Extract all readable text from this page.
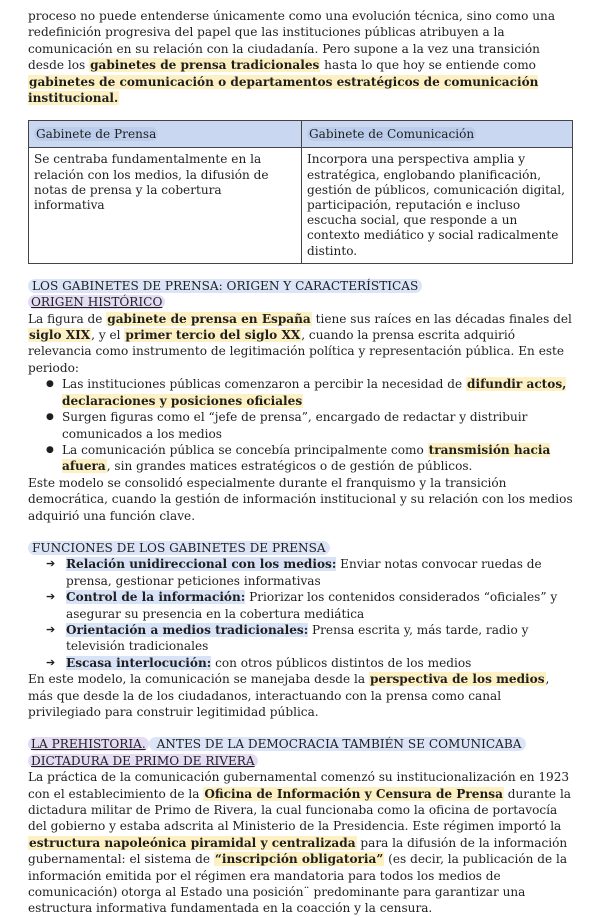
proceso no puede entenderse únicamente como una evolución técnica, sino como una redefinición progresiva del papel que las instituciones públicas atribuyen a la comunicación en su relación con la ciudadanía. Pero supone a la vez una transición desde los gabinetes de prensa tradicionales hasta lo que hoy se entiende como gabinetes de comunicación o departamentos estratégicos de comunicación institucional.

Gabinete de Prensa	Gabinete de Comunicación
Se centraba fundamentalmente en la relación con los medios, la difusión de notas de prensa y la cobertura informativa	Incorpora una perspectiva amplia y estratégica, englobando planificación, gestión de públicos, comunicación digital, participación, reputación e incluso escucha social, que responde a un contexto mediático y social radicalmente distinto.

LOS GABINETES DE PRENSA: ORIGEN Y CARACTERÍSTICAS

ORIGEN HISTÓRICO

La figura de gabinete de prensa en España tiene sus raíces en las décadas finales del siglo XIX, y el primer tercio del siglo XX, cuando la prensa escrita adquirió relevancia como instrumento de legitimación política y representación pública. En este periodo:

● Las instituciones públicas comenzaron a percibir la necesidad de difundir actos, declaraciones y posiciones oficiales
● Surgen figuras como el “jefe de prensa”, encargado de redactar y distribuir comunicados a los medios
● La comunicación pública se concebía principalmente como transmisión hacia afuera, sin grandes matices estratégicos o de gestión de públicos.

Este modelo se consolidó especialmente durante el franquismo y la transición democrática, cuando la gestión de información institucional y su relación con los medios adquirió una función clave.

FUNCIONES DE LOS GABINETES DE PRENSA

➔ Relación unidireccional con los medios: Enviar notas convocar ruedas de prensa, gestionar peticiones informativas
➔ Control de la información: Priorizar los contenidos considerados “oficiales” y asegurar su presencia en la cobertura mediática
➔ Orientación a medios tradicionales: Prensa escrita y, más tarde, radio y televisión tradicionales
➔ Escasa interlocución: con otros públicos distintos de los medios

En este modelo, la comunicación se manejaba desde la perspectiva de los medios, más que desde la de los ciudadanos, interactuando con la prensa como canal privilegiado para construir legitimidad pública.

LA PREHISTORIA. ANTES DE LA DEMOCRACIA TAMBIÉN SE COMUNICABA

DICTADURA DE PRIMO DE RIVERA

La práctica de la comunicación gubernamental comenzó su institucionalización en 1923 con el establecimiento de la Oficina de Información y Censura de Prensa durante la dictadura militar de Primo de Rivera, la cual funcionaba como la oficina de portavocía del gobierno y estaba adscrita al Ministerio de la Presidencia. Este régimen importó la estructura napoleónica piramidal y centralizada para la difusión de la información gubernamental: el sistema de “inscripción obligatoria” (es decir, la publicación de la información emitida por el régimen era mandatoria para todos los medios de comunicación) otorga al Estado una posición¨ predominante para garantizar una estructura informativa fundamentada en la coacción y la censura.
